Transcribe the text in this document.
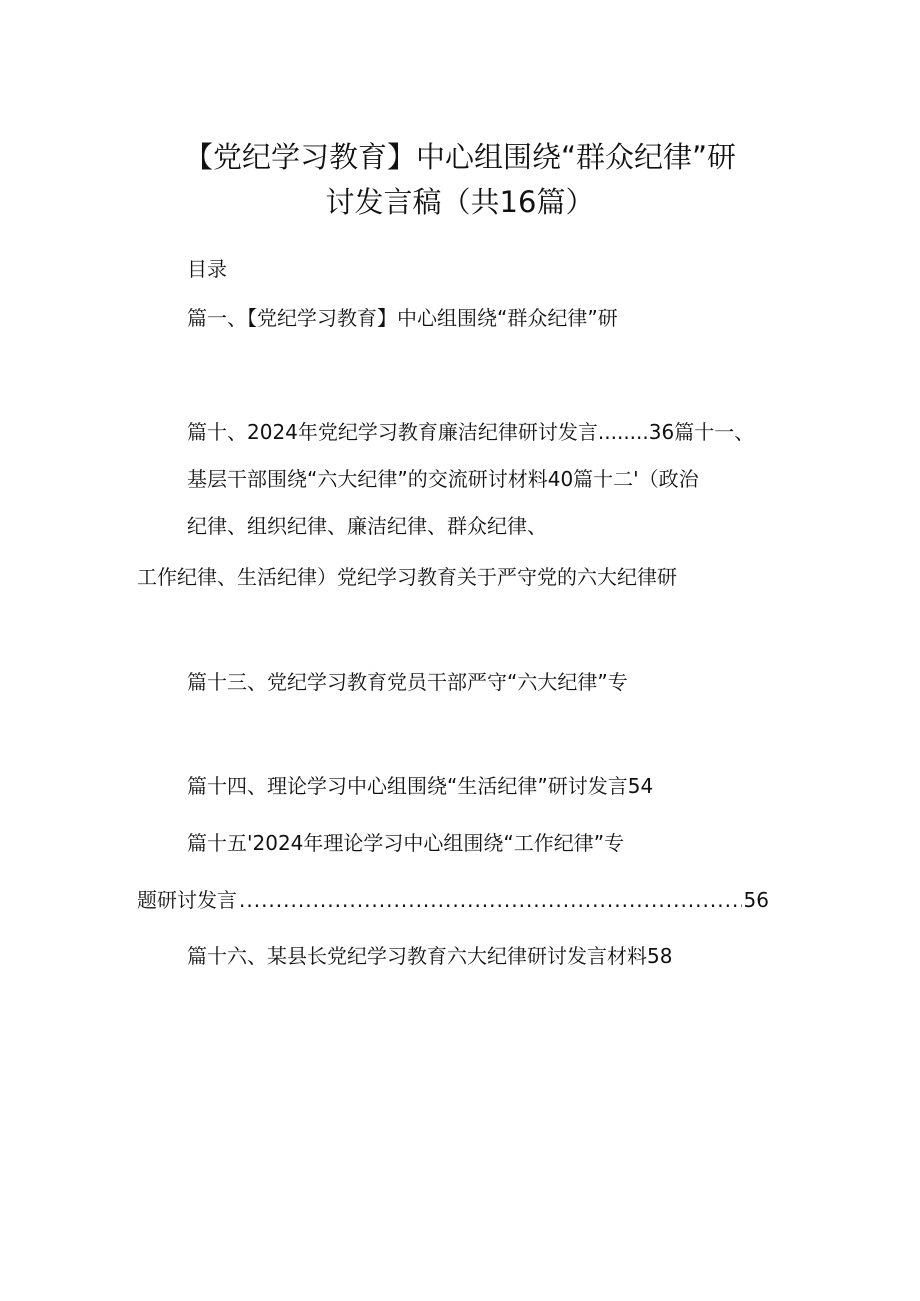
【党纪学习教育】中心组围绕“群众纪律”研
讨发言稿（共16篇）
目录
篇一、【党纪学习教育】中心组围绕“群众纪律”研
篇十、2024年党纪学习教育廉洁纪律研讨发言........36篇十一、
基层干部围绕“六大纪律”的交流研讨材料40篇十二'（政治
纪律、组织纪律、廉洁纪律、群众纪律、
工作纪律、生活纪律）党纪学习教育关于严守党的六大纪律研
篇十三、党纪学习教育党员干部严守“六大纪律”专
篇十四、理论学习中心组围绕“生活纪律”研讨发言54
篇十五'2024年理论学习中心组围绕“工作纪律”专
题研讨发言
.....	56
篇十六、某县长党纪学习教育六大纪律研讨发言材料58
